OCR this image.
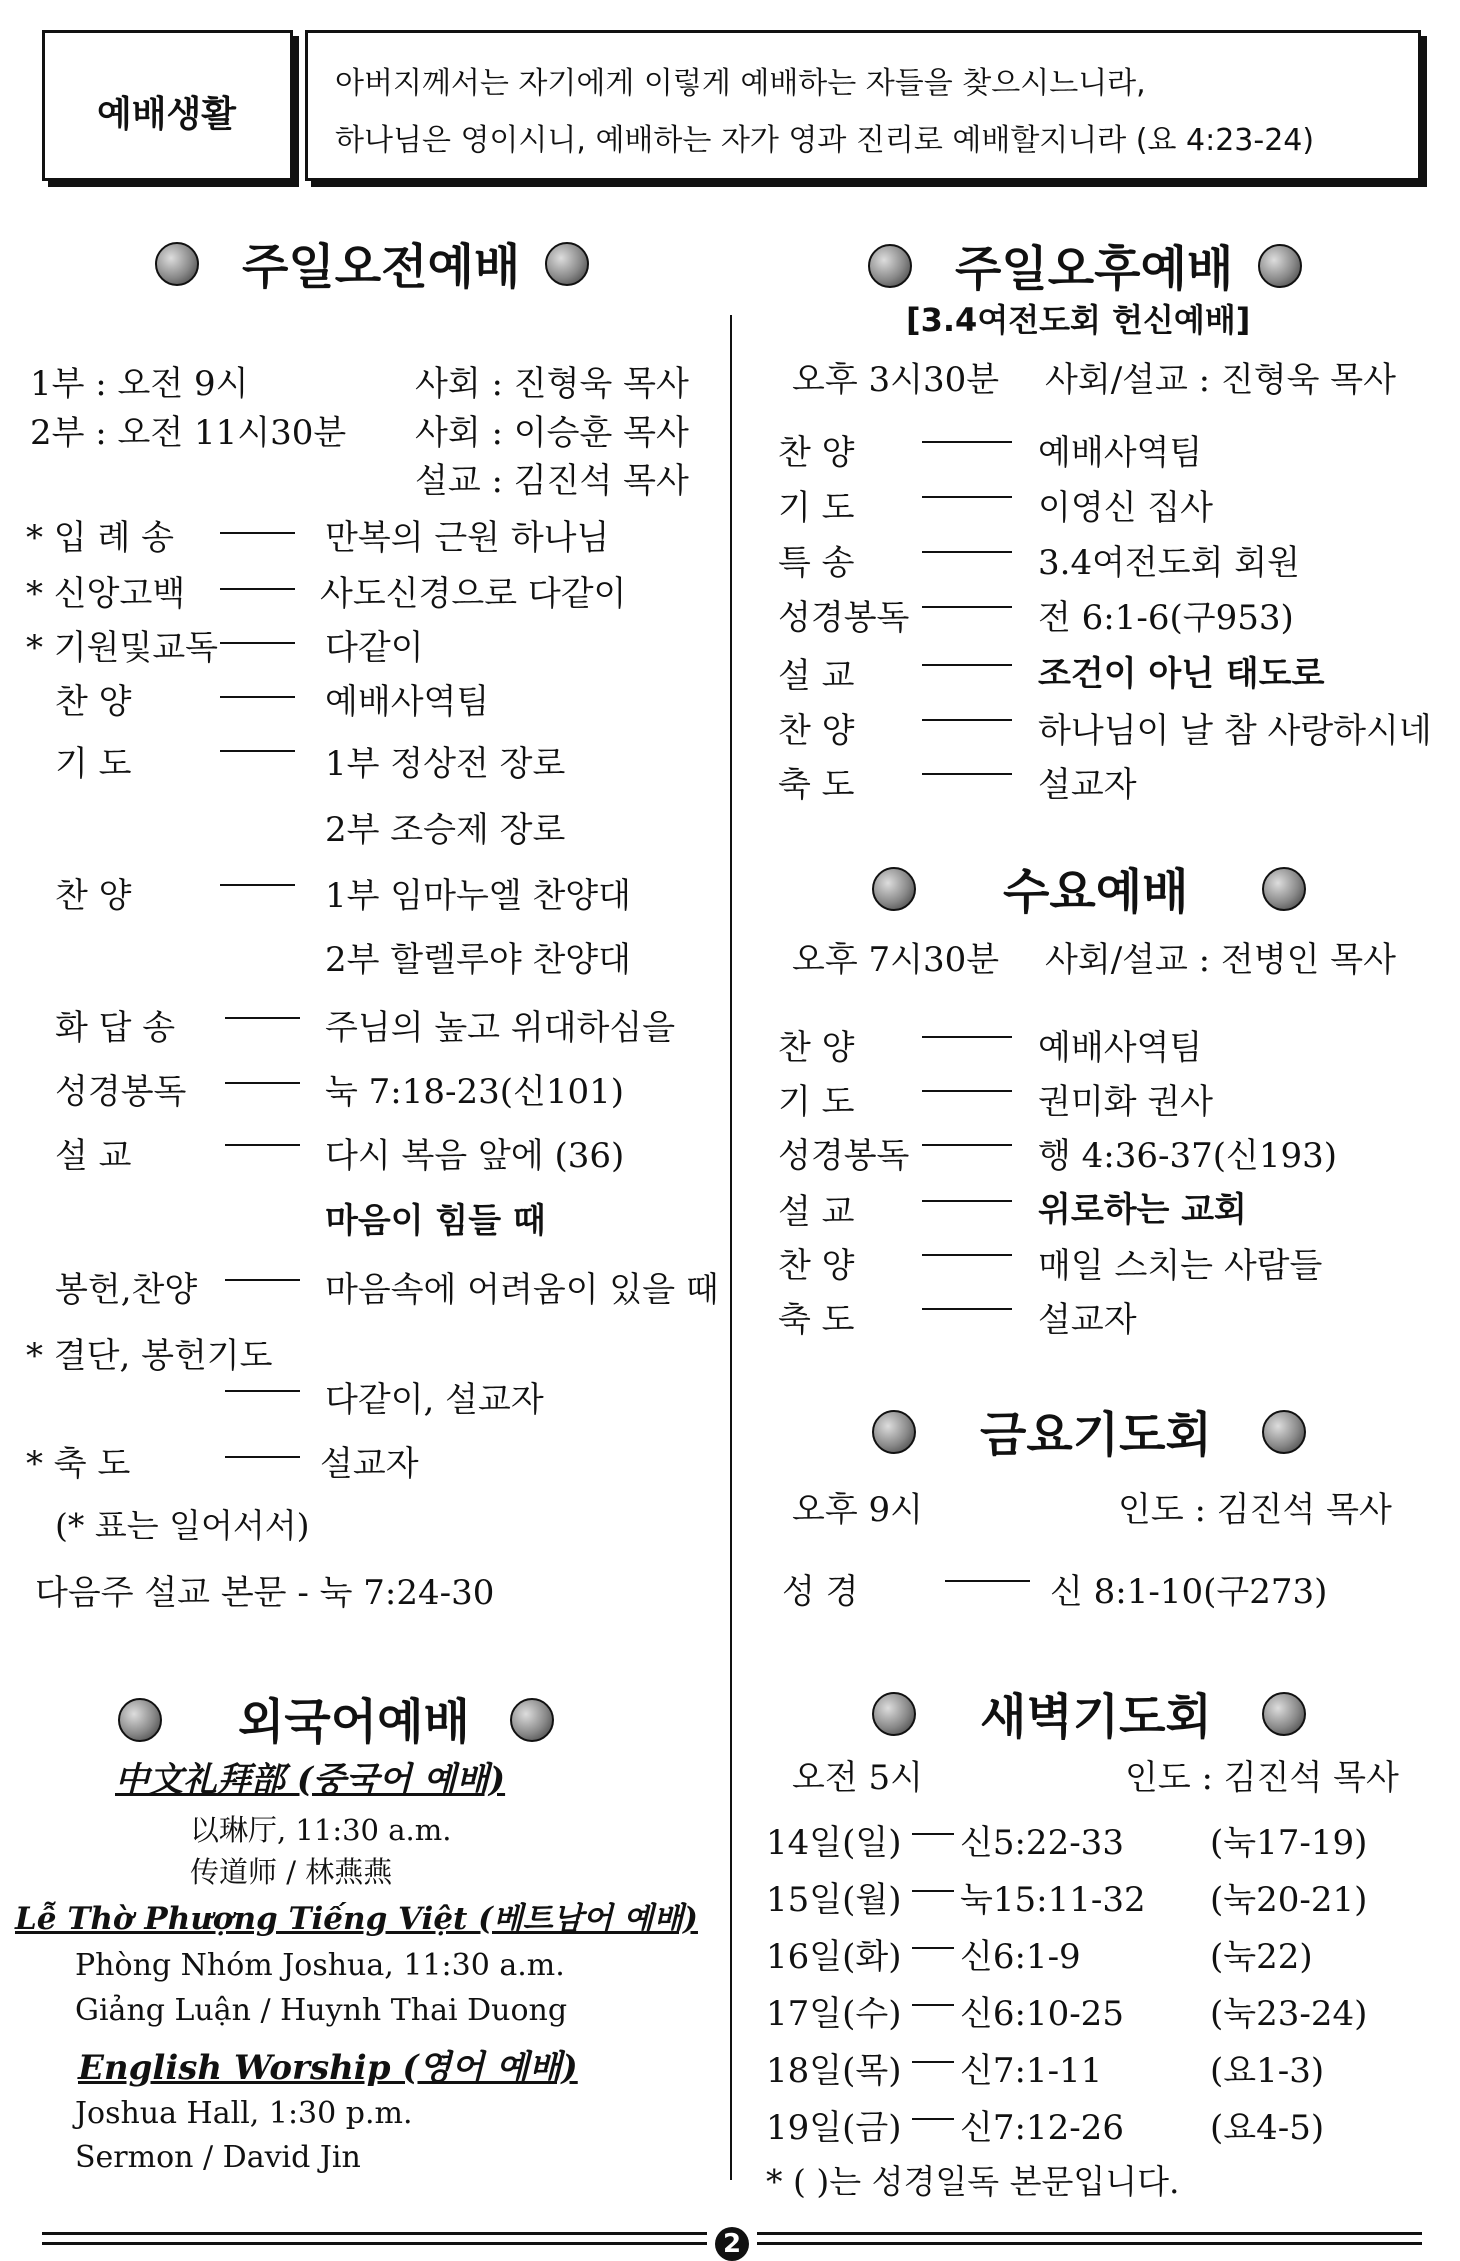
예배생활
아버지께서는 자기에게 이렇게 예배하는 자들을 찾으시느니라,
하나님은 영이시니, 예배하는 자가 영과 진리로 예배할지니라 (요 4:23-24)
주일오전예배
1부 : 오전 9시	사회 : 진형욱 목사
2부 : 오전 11시30분 사회 : 이승훈 목사
설교 : 김진석 목사
* 입 례 송	만복의 근원 하나님
* 신앙고백	사도신경으로 다같이
* 기원및교독	다같이
찬 양	예배사역팀
기 도	1부 정상전 장로
2부 조승제 장로
찬 양	1부 임마누엘 찬양대
2부 할렐루야 찬양대
화 답 송	주님의 높고 위대하심을
성경봉독	눅 7:18-23(신101)
설 교	다시 복음 앞에 (36)
마음이 힘들 때
봉헌,찬양	마음속에 어려움이 있을 때
* 결단, 봉헌기도
다같이, 설교자
* 축 도	설교자
(* 표는 일어서서)
다음주 설교 본문 - 눅 7:24-30
외국어예배
中文礼拜部 (중국어 예배)
以琳厅, 11:30 a.m.
传道师 / 林燕燕
Lễ Thờ Phượng Tiếng Việt (베트남어 예배)
Phòng Nhóm Joshua, 11:30 a.m.
Giảng Luận / Huynh Thai Duong
English Worship (영어 예배)
Joshua Hall, 1:30 p.m.
Sermon / David Jin
주일오후예배
[3.4여전도회 헌신예배]
오후 3시30분 사회/설교 : 진형욱 목사
찬 양	예배사역팀
기 도	이영신 집사
특 송	3.4여전도회 회원
성경봉독	전 6:1-6(구953)
설 교	조건이 아닌 태도로
찬 양	하나님이 날 참 사랑하시네
축 도	설교자
수요예배
오후 7시30분 사회/설교 : 전병인 목사
찬 양	예배사역팀
기 도	권미화 권사
성경봉독	행 4:36-37(신193)
설 교	위로하는 교회
찬 양	매일 스치는 사람들
축 도	설교자
금요기도회
오후 9시	인도 : 김진석 목사
성 경	신 8:1-10(구273)
새벽기도회
오전 5시	인도 : 김진석 목사
14일(일) 신5:22-33	(눅17-19)
15일(월) 눅15:11-32 (눅20-21)
16일(화) 신6:1-9	(눅22)
17일(수) 신6:10-25	(눅23-24)
18일(목) 신7:1-11	(요1-3)
19일(금) 신7:12-26	(요4-5)
* ( )는 성경일독 본문입니다.
2
